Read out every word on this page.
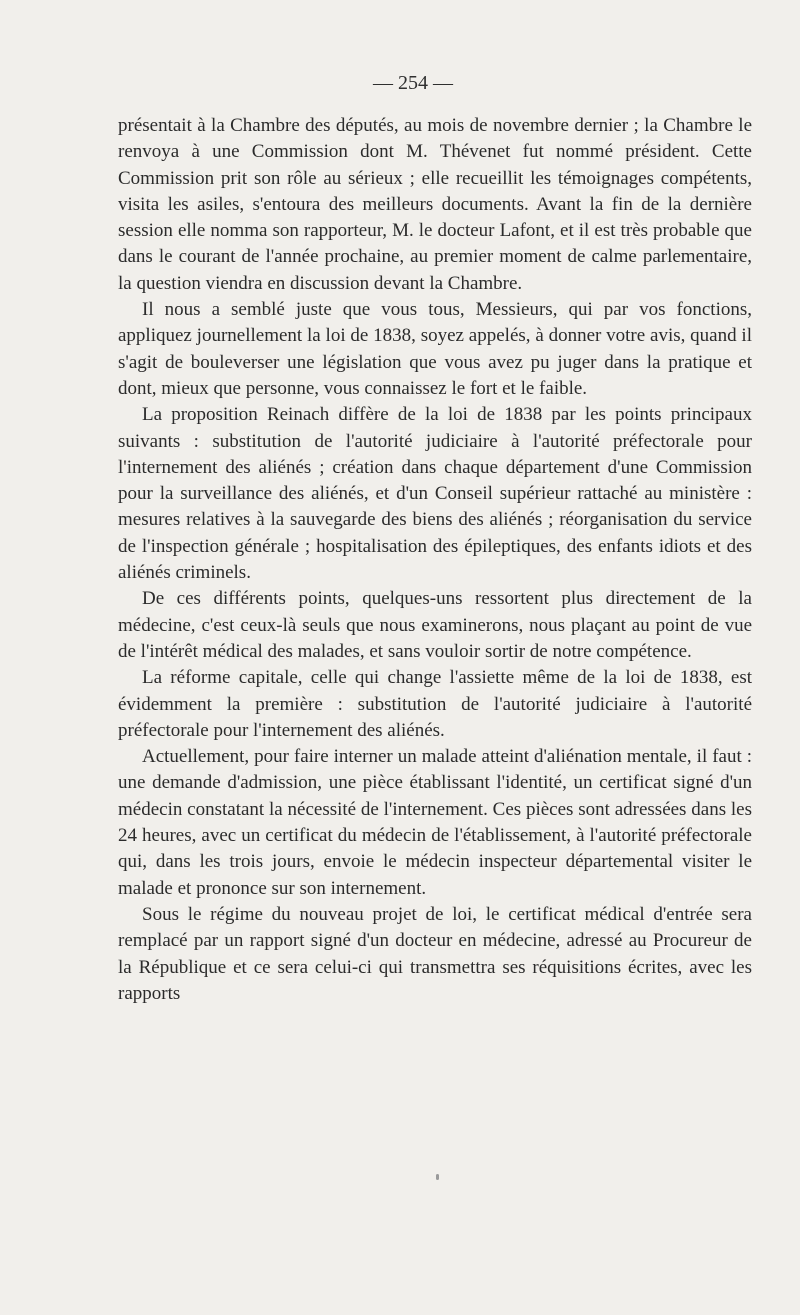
— 254 —

présentait à la Chambre des députés, au mois de novembre dernier ; la Chambre le renvoya à une Commission dont M. Thévenet fut nommé président. Cette Commission prit son rôle au sérieux ; elle recueillit les témoignages compétents, visita les asiles, s'entoura des meilleurs documents. Avant la fin de la dernière session elle nomma son rapporteur, M. le docteur Lafont, et il est très probable que dans le courant de l'année prochaine, au premier moment de calme parlementaire, la question viendra en discussion devant la Chambre.

Il nous a semblé juste que vous tous, Messieurs, qui par vos fonctions, appliquez journellement la loi de 1838, soyez appelés, à donner votre avis, quand il s'agit de bouleverser une législation que vous avez pu juger dans la pratique et dont, mieux que personne, vous connaissez le fort et le faible.

La proposition Reinach diffère de la loi de 1838 par les points principaux suivants : substitution de l'autorité judiciaire à l'autorité préfectorale pour l'internement des aliénés ; création dans chaque département d'une Commission pour la surveillance des aliénés, et d'un Conseil supérieur rattaché au ministère : mesures relatives à la sauvegarde des biens des aliénés ; réorganisation du service de l'inspection générale ; hospitalisation des épileptiques, des enfants idiots et des aliénés criminels.

De ces différents points, quelques-uns ressortent plus directement de la médecine, c'est ceux-là seuls que nous examinerons, nous plaçant au point de vue de l'intérêt médical des malades, et sans vouloir sortir de notre compétence.

La réforme capitale, celle qui change l'assiette même de la loi de 1838, est évidemment la première : substitution de l'autorité judiciaire à l'autorité préfectorale pour l'internement des aliénés.

Actuellement, pour faire interner un malade atteint d'aliénation mentale, il faut : une demande d'admission, une pièce établissant l'identité, un certificat signé d'un médecin constatant la nécessité de l'internement. Ces pièces sont adressées dans les 24 heures, avec un certificat du médecin de l'établissement, à l'autorité préfectorale qui, dans les trois jours, envoie le médecin inspecteur départemental visiter le malade et prononce sur son internement.

Sous le régime du nouveau projet de loi, le certificat médical d'entrée sera remplacé par un rapport signé d'un docteur en médecine, adressé au Procureur de la République et ce sera celui-ci qui transmettra ses réquisitions écrites, avec les rapports
